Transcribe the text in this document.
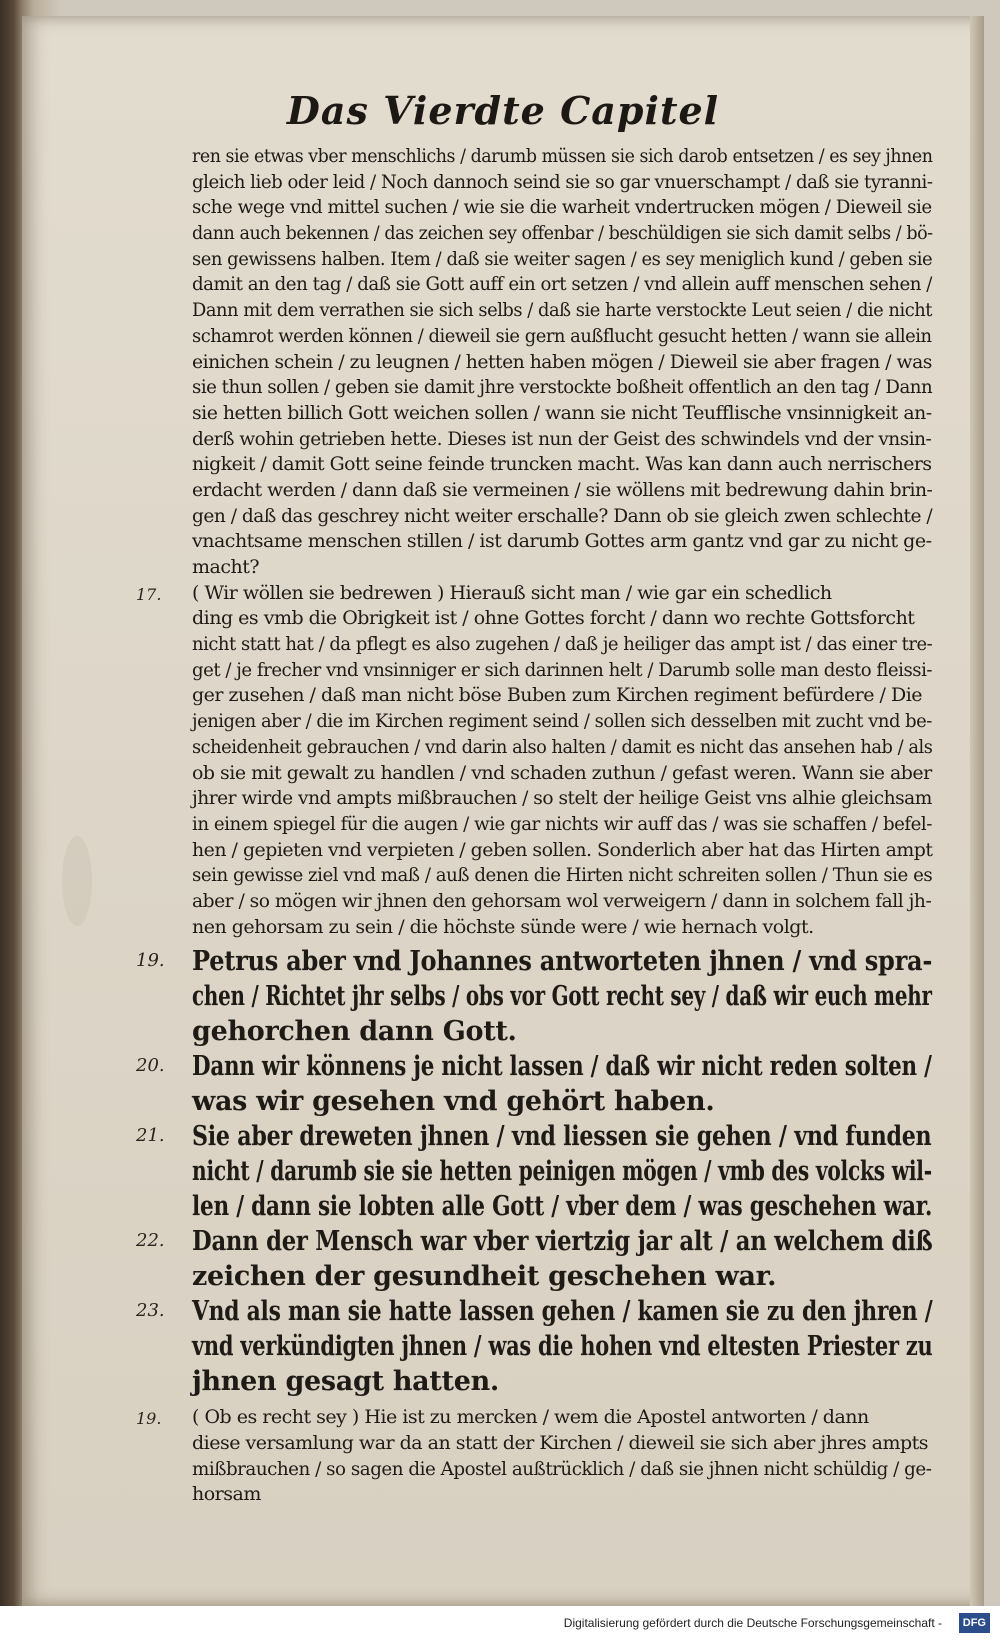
Das Vierdte Capitel
ren sie etwas vber menschlichs / darumb müssen sie sich darob entsetzen / es sey jhnen
gleich lieb oder leid / Noch dannoch seind sie so gar vnuerschampt / daß sie tyranni-
sche wege vnd mittel suchen / wie sie die warheit vndertrucken mögen / Dieweil sie
dann auch bekennen / das zeichen sey offenbar / beschüldigen sie sich damit selbs / bö-
sen gewissens halben. Item / daß sie weiter sagen / es sey meniglich kund / geben sie
damit an den tag / daß sie Gott auff ein ort setzen / vnd allein auff menschen sehen /
Dann mit dem verrathen sie sich selbs / daß sie harte verstockte Leut seien / die nicht
schamrot werden können / dieweil sie gern außflucht gesucht hetten / wann sie allein
einichen schein / zu leugnen / hetten haben mögen / Dieweil sie aber fragen / was
sie thun sollen / geben sie damit jhre verstockte boßheit offentlich an den tag / Dann
sie hetten billich Gott weichen sollen / wann sie nicht Teufflische vnsinnigkeit an-
derß wohin getrieben hette. Dieses ist nun der Geist des schwindels vnd der vnsin-
nigkeit / damit Gott seine feinde truncken macht. Was kan dann auch nerrischers
erdacht werden / dann daß sie vermeinen / sie wöllens mit bedrewung dahin brin-
gen / daß das geschrey nicht weiter erschalle? Dann ob sie gleich zwen schlechte /
vnachtsame menschen stillen / ist darumb Gottes arm gantz vnd gar zu nicht ge-
macht?
17. ( Wir wöllen sie bedrewen ) Hierauß sicht man / wie gar ein schedlich
ding es vmb die Obrigkeit ist / ohne Gottes forcht / dann wo rechte Gottsforcht
nicht statt hat / da pflegt es also zugehen / daß je heiliger das ampt ist / das einer tre-
get / je frecher vnd vnsinniger er sich darinnen helt / Darumb solle man desto fleissi-
ger zusehen / daß man nicht böse Buben zum Kirchen regiment befürdere / Die
jenigen aber / die im Kirchen regiment seind / sollen sich desselben mit zucht vnd be-
scheidenheit gebrauchen / vnd darin also halten / damit es nicht das ansehen hab / als
ob sie mit gewalt zu handlen / vnd schaden zuthun / gefast weren. Wann sie aber
jhrer wirde vnd ampts mißbrauchen / so stelt der heilige Geist vns alhie gleichsam
in einem spiegel für die augen / wie gar nichts wir auff das / was sie schaffen / befel-
hen / gepieten vnd verpieten / geben sollen. Sonderlich aber hat das Hirten ampt
sein gewisse ziel vnd maß / auß denen die Hirten nicht schreiten sollen / Thun sie es
aber / so mögen wir jhnen den gehorsam wol verweigern / dann in solchem fall jh-
nen gehorsam zu sein / die höchste sünde were / wie hernach volgt.
19. Petrus aber vnd Johannes antworteten jhnen / vnd spra-
chen / Richtet jhr selbs / obs vor Gott recht sey / daß wir euch mehr
gehorchen dann Gott.
20. Dann wir könnens je nicht lassen / daß wir nicht reden solten /
was wir gesehen vnd gehört haben.
21. Sie aber dreweten jhnen / vnd liessen sie gehen / vnd funden
nicht / darumb sie sie hetten peinigen mögen / vmb des volcks wil-
len / dann sie lobten alle Gott / vber dem / was geschehen war.
22. Dann der Mensch war vber viertzig jar alt / an welchem diß
zeichen der gesundheit geschehen war.
23. Vnd als man sie hatte lassen gehen / kamen sie zu den jhren /
vnd verkündigten jhnen / was die hohen vnd eltesten Priester zu
jhnen gesagt hatten.
19. ( Ob es recht sey ) Hie ist zu mercken / wem die Apostel antworten / dann
diese versamlung war da an statt der Kirchen / dieweil sie sich aber jhres ampts
mißbrauchen / so sagen die Apostel außtrücklich / daß sie jhnen nicht schüldig / ge-
horsam
Digitalisierung gefördert durch die Deutsche Forschungsgemeinschaft -	DFG
